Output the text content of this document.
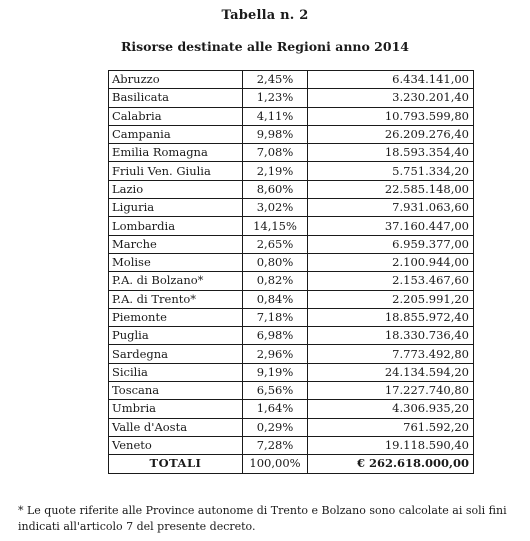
Tabella n. 2
Risorse destinate alle Regioni anno 2014
Abruzzo	2,45%	6.434.141,00
Basilicata	1,23%	3.230.201,40
Calabria	4,11%	10.793.599,80
Campania	9,98%	26.209.276,40
Emilia Romagna	7,08%	18.593.354,40
Friuli Ven. Giulia	2,19%	5.751.334,20
Lazio	8,60%	22.585.148,00
Liguria	3,02%	7.931.063,60
Lombardia	14,15%	37.160.447,00
Marche	2,65%	6.959.377,00
Molise	0,80%	2.100.944,00
P.A. di Bolzano*	0,82%	2.153.467,60
P.A. di Trento*	0,84%	2.205.991,20
Piemonte	7,18%	18.855.972,40
Puglia	6,98%	18.330.736,40
Sardegna	2,96%	7.773.492,80
Sicilia	9,19%	24.134.594,20
Toscana	6,56%	17.227.740,80
Umbria	1,64%	4.306.935,20
Valle d'Aosta	0,29%	761.592,20
Veneto	7,28%	19.118.590,40
TOTALI	100,00%	€ 262.618.000,00
* Le quote riferite alle Province autonome di Trento e Bolzano sono calcolate ai soli fini indicati all'articolo 7 del presente decreto.
